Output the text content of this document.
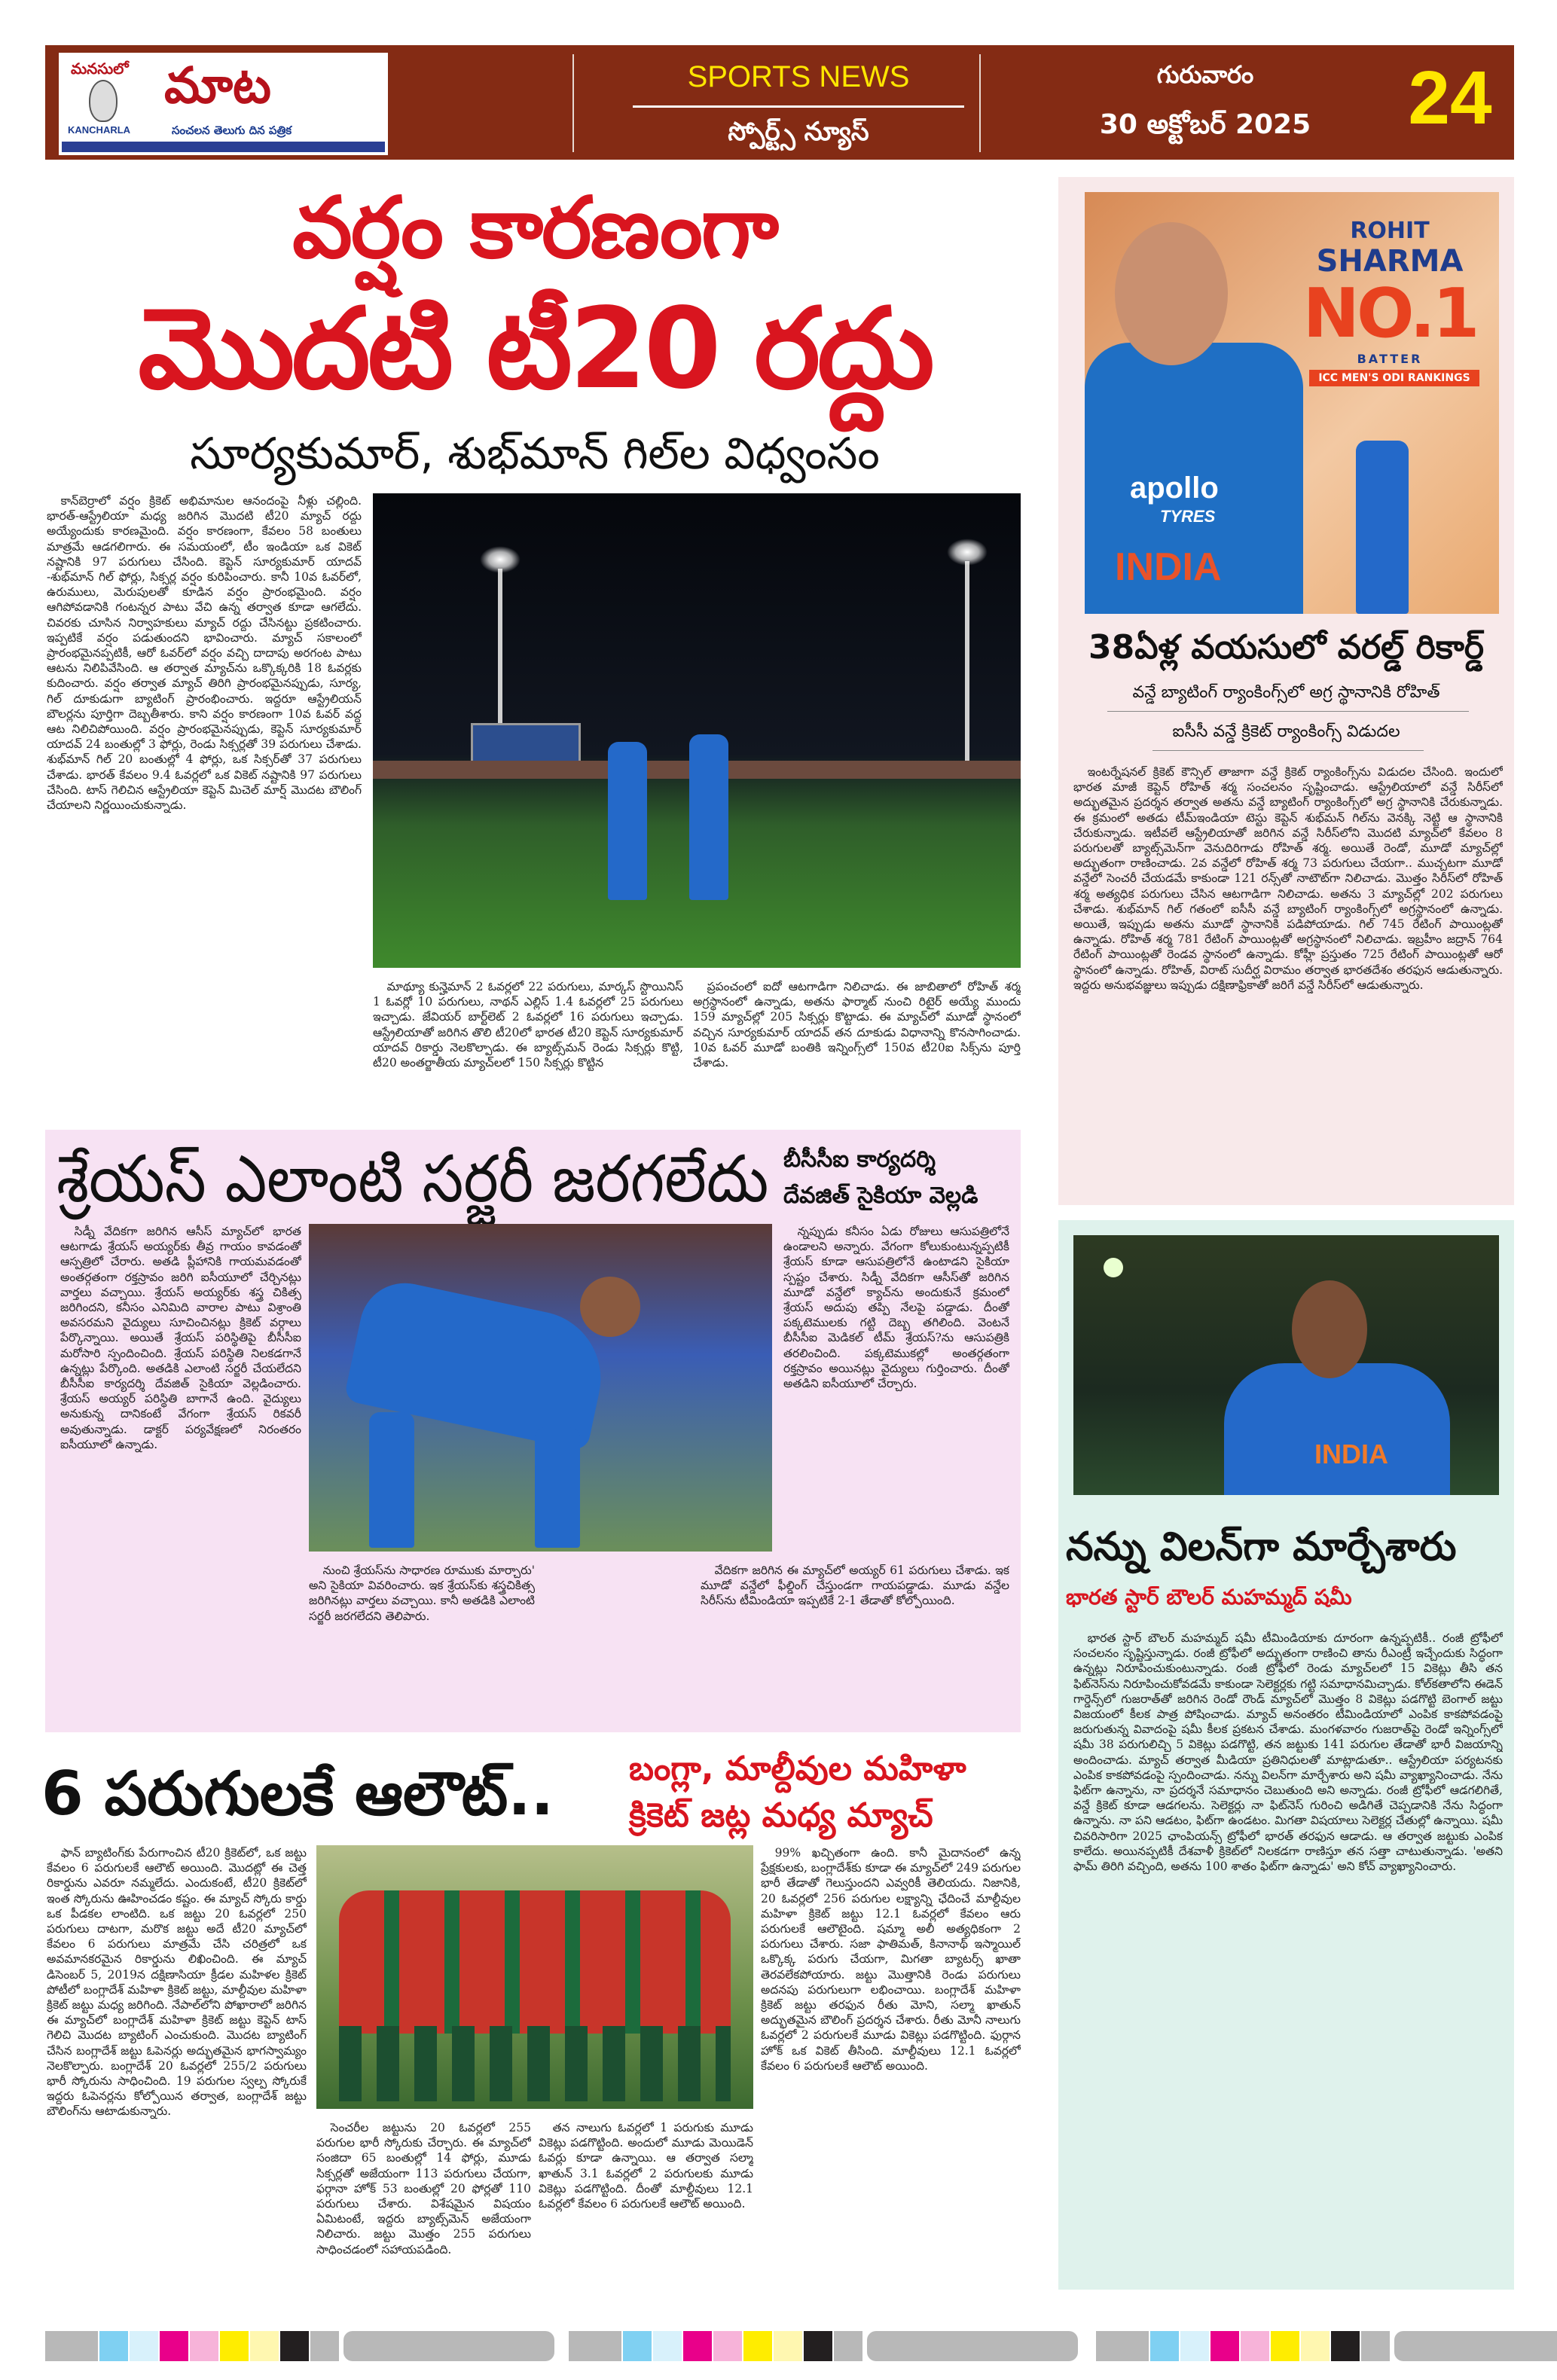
మనసులో మాట
KANCHARLA	సంచలన తెలుగు దిన పత్రిక
SPORTS NEWS
స్పోర్ట్స్ న్యూస్
గురువారం
30 అక్టోబర్ 2025	24
వర్షం కారణంగా
మొదటి టీ20 రద్దు
సూర్యకుమార్, శుభ్‌మాన్ గిల్‌ల విధ్వంసం

కాన్‌బెర్రాలో వర్షం క్రికెట్ అభిమానుల ఆనందంపై నీళ్లు చల్లింది. భారత్-ఆస్ట్రేలియా మధ్య జరిగిన మొదటి టీ20 మ్యాచ్ రద్దు అయ్యేందుకు కారణమైంది. వర్షం కారణంగా, కేవలం 58 బంతులు మాత్రమే ఆడగలిగారు. ఈ సమయంలో, టీం ఇండియా ఒక వికెట్ నష్టానికి 97 పరుగులు చేసింది. కెప్టెన్ సూర్యకుమార్ యాదవ్ -శుభ్‌మాన్ గిల్ ఫోర్లు, సిక్సర్ల వర్షం కురిపించారు. కానీ 10వ ఓవర్‌లో, ఉరుములు, మెరుపులతో కూడిన వర్షం ప్రారంభమైంది. వర్షం ఆగిపోవడానికి గంటన్నర పాటు వేచి ఉన్న తర్వాత కూడా ఆగలేదు. చివరకు చూసిన నిర్వాహకులు మ్యాచ్ రద్దు చేసినట్టు ప్రకటించారు. ఇప్పటికే వర్షం పడుతుందని భావించారు. మ్యాచ్ సకాలంలో ప్రారంభమైనప్పటికీ, ఆరో ఓవర్‌లో వర్షం వచ్చి దాదాపు అరగంట పాటు ఆటను నిలిపివేసింది. ఆ తర్వాత మ్యాచ్‌ను ఒక్కొక్కరికి 18 ఓవర్లకు కుదించారు. వర్షం తర్వాత మ్యాచ్ తిరిగి ప్రారంభమైనప్పుడు, సూర్య, గిల్ దూకుడుగా బ్యాటింగ్ ప్రారంభించారు. ఇద్దరూ ఆస్ట్రేలియన్ బౌలర్లను పూర్తిగా దెబ్బతీశారు. కాని వర్షం కారణంగా 10వ ఓవర్ వద్ద ఆట నిలిచిపోయింది. వర్షం ప్రారంభమైనప్పుడు, కెప్టెన్ సూర్యకుమార్ యాదవ్ 24 బంతుల్లో 3 ఫోర్లు, రెండు సిక్సర్లతో 39 పరుగులు చేశాడు. శుభ్‌మాన్ గిల్ 20 బంతుల్లో 4 ఫోర్లు, ఒక సిక్సర్‌తో 37 పరుగులు చేశాడు. భారత్ కేవలం 9.4 ఓవర్లలో ఒక వికెట్ నష్టానికి 97 పరుగులు చేసింది. టాస్ గెలిచిన ఆస్ట్రేలియా కెప్టెన్ మిచెల్ మార్ష్ మొదట బౌలింగ్ చేయాలని నిర్ణయించుకున్నాడు.

మాథ్యూ కున్హెమాన్ 2 ఓవర్లలో 22 పరుగులు, మార్కస్ స్టొయినిస్ 1 ఓవర్లో 10 పరుగులు, నాథన్ ఎల్లిస్ 1.4 ఓవర్లలో 25 పరుగులు ఇచ్చాడు. జేవియర్ బార్ట్‌లెట్ 2 ఓవర్లలో 16 పరుగులు ఇచ్చాడు. ఆస్ట్రేలియాతో జరిగిన తొలి టీ20లో భారత టీ20 కెప్టెన్ సూర్యకుమార్ యాదవ్ రికార్డు నెలకొల్పాడు. ఈ బ్యాట్స్‌మన్ రెండు సిక్సర్లు కొట్టి, టీ20 అంతర్జాతీయ మ్యాచ్‌లలో 150 సిక్సర్లు కొట్టిన

ప్రపంచంలో ఐదో ఆటగాడిగా నిలిచాడు. ఈ జాబితాలో రోహిత్ శర్మ అగ్రస్థానంలో ఉన్నాడు, అతను ఫార్మాట్ నుంచి రిటైర్ అయ్యే ముందు 159 మ్యాచ్‌ల్లో 205 సిక్సర్లు కొట్టాడు. ఈ మ్యాచ్‌లో మూడో స్థానంలో వచ్చిన సూర్యకుమార్ యాదవ్ తన దూకుడు విధానాన్ని కొనసాగించాడు. 10వ ఓవర్ మూడో బంతికి ఇన్నింగ్స్‌లో 150వ టీ20ఐ సిక్స్‌ను పూర్తి చేశాడు.

apollo
TYRES
INDIA
ROHIT
SHARMA
NO.1
BATTER
ICC MEN'S ODI RANKINGS
38ఏళ్ల వయసులో వరల్డ్ రికార్డ్
వన్డే బ్యాటింగ్ ర్యాంకింగ్స్‌లో అగ్ర స్థానానికి రోహిత్
ఐసీసీ వన్డే క్రికెట్ ర్యాంకింగ్స్ విడుదల

ఇంటర్నేషనల్ క్రికెట్ కౌన్సిల్ తాజాగా వన్డే క్రికెట్ ర్యాంకింగ్స్‌ను విడుదల చేసింది. ఇందులో భారత మాజీ కెప్టెన్ రోహిత్ శర్మ సంచలనం సృష్టించాడు. ఆస్ట్రేలియాలో వన్డే సిరీస్‌లో అద్భుతమైన ప్రదర్శన తర్వాత అతను వన్డే బ్యాటింగ్ ర్యాంకింగ్స్‌లో అగ్ర స్థానానికి చేరుకున్నాడు. ఈ క్రమంలో అతడు టీమ్‌ఇండియా టెస్టు కెప్టెన్ శుభ్‌మన్ గిల్‌ను వెనక్కి నెట్టి ఆ స్థానానికి చేరుకున్నాడు. ఇటీవలే ఆస్ట్రేలియాతో జరిగిన వన్డే సిరీస్‌లోని మొదటి మ్యాచ్‌లో కేవలం 8 పరుగులతో బ్యాట్స్‌మెన్‌గా వెనుదిరిగాడు రోహిత్ శర్మ. అయితే రెండో, మూడో మ్యాచ్‌ల్లో అద్భుతంగా రాణించాడు. 2వ వన్డేలో రోహిత్ శర్మ 73 పరుగులు చేయగా.. ముచ్చటగా మూడో వన్డేలో సెంచరీ చేయడమే కాకుండా 121 రన్స్‌తో నాటౌట్‌గా నిలిచాడు. మొత్తం సిరీస్‌లో రోహిత్ శర్మ అత్యధిక పరుగులు చేసిన ఆటగాడిగా నిలిచాడు. అతను 3 మ్యాచ్‌ల్లో 202 పరుగులు చేశాడు. శుభ్‌మాన్ గిల్ గతంలో ఐసీసీ వన్డే బ్యాటింగ్ ర్యాంకింగ్స్‌లో అగ్రస్థానంలో ఉన్నాడు. అయితే, ఇప్పుడు అతను మూడో స్థానానికి పడిపోయాడు. గిల్ 745 రేటింగ్ పాయింట్లతో ఉన్నాడు. రోహిత్ శర్మ 781 రేటింగ్ పాయింట్లతో అగ్రస్థానంలో నిలిచాడు. ఇబ్రహీం జద్రాన్ 764 రేటింగ్ పాయింట్లతో రెండవ స్థానంలో ఉన్నాడు. కోహ్లీ ప్రస్తుతం 725 రేటింగ్ పాయింట్లతో ఆరో స్థానంలో ఉన్నాడు. రోహిత్, విరాట్ సుదీర్ఘ విరామం తర్వాత భారతదేశం తరఫున ఆడుతున్నారు. ఇద్దరు అనుభవజ్ఞులు ఇప్పుడు దక్షిణాఫ్రికాతో జరిగే వన్డే సిరీస్‌లో ఆడుతున్నారు.

శ్రేయస్ ఎలాంటి సర్జరీ జరగలేదు బీసీసీఐ కార్యదర్శి
దేవజిత్ సైకియా వెల్లడి

సిడ్నీ వేదికగా జరిగిన ఆసీస్ మ్యాచ్‌లో భారత ఆటగాడు శ్రేయస్ అయ్యర్‌కు తీవ్ర గాయం కావడంతో ఆస్పత్రిలో చేరారు. అతడి ప్లీహానికి గాయమవడంతో అంతర్గతంగా రక్తస్రావం జరిగి ఐసీయూలో చేర్చినట్లు వార్తలు వచ్చాయి. శ్రేయస్ అయ్యర్‌కు శస్త్ర చికిత్స జరిగిందని, కనీసం ఎనిమిది వారాల పాటు విశ్రాంతి అవసరమని వైద్యులు సూచించినట్లు క్రికెట్ వర్గాలు పేర్కొన్నాయి. అయితే శ్రేయస్ పరిస్థితిపై బీసీసీఐ మరోసారి స్పందించింది. శ్రేయస్ పరిస్థితి నిలకడగానే ఉన్నట్లు పేర్కొంది. అతడికి ఎలాంటి సర్జరీ చేయలేదని బీసీసీఐ కార్యదర్శి దేవజిత్ సైకియా వెల్లడించారు. శ్రేయస్ అయ్యర్ పరిస్థితి బాగానే ఉంది. వైద్యులు అనుకున్న దానికంటే వేగంగా శ్రేయస్ రికవరీ అవుతున్నాడు. డాక్టర్ పర్యవేక్షణలో నిరంతరం ఐసీయూలో ఉన్నాడు.

న్నప్పుడు కనీసం ఏడు రోజులు ఆసుపత్రిలోనే ఉండాలని అన్నారు. వేగంగా కోలుకుంటున్నప్పటికీ శ్రేయస్ కూడా ఆసుపత్రిలోనే ఉంటాడని సైకియా స్పష్టం చేశారు. సిడ్నీ వేదికగా ఆసీస్‌తో జరిగిన మూడో వన్డేలో క్యాచ్‌ను అందుకునే క్రమంలో శ్రేయస్ అదుపు తప్పి నేలపై పడ్డాడు. దీంతో పక్కటెములకు గట్టి దెబ్బ తగిలింది. వెంటనే బీసీసీఐ మెడికల్ టీమ్ శ్రేయస్?ను ఆసుపత్రికి తరలించింది. పక్కటెముకల్లో అంతర్గతంగా రక్తస్రావం అయినట్లు వైద్యులు గుర్తించారు. దీంతో అతడిని ఐసీయూలో చేర్చారు.

నుంచి శ్రేయస్‌ను సాధారణ రూముకు మార్చారు' అని సైకియా వివరించారు. ఇక శ్రేయస్‌కు శస్త్రచికిత్స జరిగినట్లు వార్తలు వచ్చాయి. కానీ అతడికి ఎలాంటి సర్జరీ జరగలేదని తెలిపారు.

వేదికగా జరిగిన ఈ మ్యాచ్‌లో అయ్యర్ 61 పరుగులు చేశాడు. ఇక మూడో వన్డేలో ఫీల్డింగ్ చేస్తుండగా గాయపడ్డాడు. మూడు వన్డేల సిరీస్‌ను టీమిండియా ఇప్పటికే 2-1 తేడాతో కోల్పోయింది.

INDIA
నన్ను విలన్‌గా మార్చేశారు
భారత స్టార్ బౌలర్ మహమ్మద్ షమీ

భారత స్టార్ బౌలర్ మహమ్మద్ షమీ టీమిండియాకు దూరంగా ఉన్నప్పటికీ.. రంజీ ట్రోఫీలో సంచలనం సృష్టిస్తున్నాడు. రంజీ ట్రోఫీలో అద్భుతంగా రాణించి తాను రీఎంట్రీ ఇచ్చేందుకు సిద్ధంగా ఉన్నట్లు నిరూపించుకుంటున్నాడు. రంజీ ట్రోఫీలో రెండు మ్యాచ్‌లలో 15 వికెట్లు తీసి తన ఫిట్‌నెస్‌ను నిరూపించుకోవడమే కాకుండా సెలెక్టర్లకు గట్టి సమాధానమిచ్చాడు. కోల్‌కతాలోని ఈడెన్ గార్డెన్స్‌లో గుజరాత్‌తో జరిగిన రెండో రౌండ్ మ్యాచ్‌లో మొత్తం 8 వికెట్లు పడగొట్టి బెంగాల్ జట్టు విజయంలో కీలక పాత్ర పోషించాడు. మ్యాచ్ అనంతరం టీమిండియాలో ఎంపిక కాకపోవడంపై జరుగుతున్న వివాదంపై షమీ కీలక ప్రకటన చేశాడు. మంగళవారం గుజరాత్‌పై రెండో ఇన్నింగ్స్‌లో షమీ 38 పరుగులిచ్చి 5 వికెట్లు పడగొట్టి, తన జట్టుకు 141 పరుగుల తేడాతో భారీ విజయాన్ని అందించాడు. మ్యాచ్ తర్వాత మీడియా ప్రతినిధులతో మాట్లాడుతూ.. ఆస్ట్రేలియా పర్యటనకు ఎంపిక కాకపోవడంపై స్పందించాడు. నన్ను విలన్‌గా మార్చేశారు అని షమీ వ్యాఖ్యానించాడు. నేను ఫిట్‌గా ఉన్నాను, నా ప్రదర్శనే సమాధానం చెబుతుంది అని అన్నాడు. రంజీ ట్రోఫీలో ఆడగలిగితే, వన్డే క్రికెట్ కూడా ఆడగలను. సెలెక్టర్లు నా ఫిట్‌నెస్ గురించి అడిగితే చెప్పడానికి నేను సిద్ధంగా ఉన్నాను. నా పని ఆడటం, ఫిట్‌గా ఉండటం. మిగతా విషయాలు సెలెక్టర్ల చేతుల్లో ఉన్నాయి. షమీ చివరిసారిగా 2025 ఛాంపియన్స్ ట్రోఫీలో భారత్ తరఫున ఆడాడు. ఆ తర్వాత జట్టుకు ఎంపిక కాలేదు. అయినప్పటికీ దేశవాళీ క్రికెట్‌లో నిలకడగా రాణిస్తూ తన సత్తా చాటుతున్నాడు. 'అతని ఫామ్ తిరిగి వచ్చింది, అతను 100 శాతం ఫిట్‌గా ఉన్నాడు' అని కోచ్ వ్యాఖ్యానించారు.

6 పరుగులకే ఆలౌట్..	బంగ్లా, మాల్దీవుల మహిళా
క్రికెట్ జట్ల మధ్య మ్యాచ్

ఫాన్ బ్యాటింగ్‌కు పేరుగాంచిన టీ20 క్రికెట్‌లో, ఒక జట్టు కేవలం 6 పరుగులకే ఆలౌట్ అయింది. మొదట్లో ఈ చెత్త రికార్డును ఎవరూ నమ్మలేదు. ఎందుకంటే, టీ20 క్రికెట్‌లో ఇంత స్కోరును ఊహించడం కష్టం. ఈ మ్యాచ్ స్కోరు కార్డు ఒక పీడకల లాంటిది. ఒక జట్టు 20 ఓవర్లలో 250 పరుగులు దాటగా, మరొక జట్టు అదే టీ20 మ్యాచ్‌లో కేవలం 6 పరుగులు మాత్రమే చేసి చరిత్రలో ఒక అవమానకరమైన రికార్డును లిఖించింది. ఈ మ్యాచ్ డిసెంబర్ 5, 2019న దక్షిణాసియా క్రీడల మహిళల క్రికెట్ పోటీలో బంగ్లాదేశ్ మహిళా క్రికెట్ జట్టు, మాల్దీవుల మహిళా క్రికెట్ జట్టు మధ్య జరిగింది. నేపాల్‌లోని పోఖారాలో జరిగిన ఈ మ్యాచ్‌లో బంగ్లాదేశ్ మహిళా క్రికెట్ జట్టు కెప్టెన్ టాస్ గెలిచి మొదట బ్యాటింగ్ ఎంచుకుంది. మొదట బ్యాటింగ్ చేసిన బంగ్లాదేశ్ జట్టు ఓపెనర్లు అద్భుతమైన భాగస్వామ్యం నెలకొల్పారు. బంగ్లాదేశ్ 20 ఓవర్లలో 255/2 పరుగులు భారీ స్కోరును సాధించింది. 19 పరుగుల స్వల్ప స్కోరుకే ఇద్దరు ఓపెనర్లను కోల్పోయిన తర్వాత, బంగ్లాదేశ్ జట్టు బౌలింగ్‌ను ఆటాడుకున్నారు.

99% ఖచ్చితంగా ఉంది. కానీ మైదానంలో ఉన్న ప్రేక్షకులకు, బంగ్లాదేశ్‌కు కూడా ఈ మ్యాచ్‌లో 249 పరుగుల భారీ తేడాతో గెలుస్తుందని ఎవ్వరికీ తెలియదు. నిజానికి, 20 ఓవర్లలో 256 పరుగుల లక్ష్యాన్ని ఛేదించే మాల్దీవుల మహిళా క్రికెట్ జట్టు 12.1 ఓవర్లలో కేవలం ఆరు పరుగులకే ఆలౌటైంది. షమ్మా అలీ అత్యధికంగా 2 పరుగులు చేశారు. సజా ఫాతిమత్, కినానాథ్ ఇస్మాయిల్ ఒక్కొక్క పరుగు చేయగా, మిగతా బ్యాటర్స్ ఖాతా తెరవలేకపోయారు. జట్టు మొత్తానికి రెండు పరుగులు అదనపు పరుగులుగా లభించాయి. బంగ్లాదేశ్ మహిళా క్రికెట్ జట్టు తరఫున రీతు మోని, సల్మా ఖాతున్ అద్భుతమైన బౌలింగ్ ప్రదర్శన చేశారు. రీతు మోనీ నాలుగు ఓవర్లలో 2 పరుగులకే మూడు వికెట్లు పడగొట్టింది. ఫుర్గాన హోక్ ఒక వికెట్ తీసింది. మాల్దీవులు 12.1 ఓవర్లలో కేవలం 6 పరుగులకే ఆలౌట్ అయింది.

సెంచరీల జట్టును 20 ఓవర్లలో 255 పరుగుల భారీ స్కోరుకు చేర్చారు. ఈ మ్యాచ్‌లో సంజిదా 65 బంతుల్లో 14 ఫోర్లు, మూడు సిక్సర్లతో అజేయంగా 113 పరుగులు చేయగా, ఫర్గానా హోక్ 53 బంతుల్లో 20 ఫోర్లతో 110 పరుగులు చేశారు. విశేషమైన విషయం ఏమిటంటే, ఇద్దరు బ్యాట్స్‌మెన్ అజేయంగా నిలిచారు. జట్టు మొత్తం 255 పరుగులు సాధించడంలో సహాయపడింది.

తన నాలుగు ఓవర్లలో 1 పరుగుకు మూడు వికెట్లు పడగొట్టింది. అందులో మూడు మెయిడెన్ ఓవర్లు కూడా ఉన్నాయి. ఆ తర్వాత సల్మా ఖాతున్ 3.1 ఓవర్లలో 2 పరుగులకు మూడు వికెట్లు పడగొట్టింది. దీంతో మాల్దీవులు 12.1 ఓవర్లలో కేవలం 6 పరుగులకే ఆలౌట్ అయింది.
